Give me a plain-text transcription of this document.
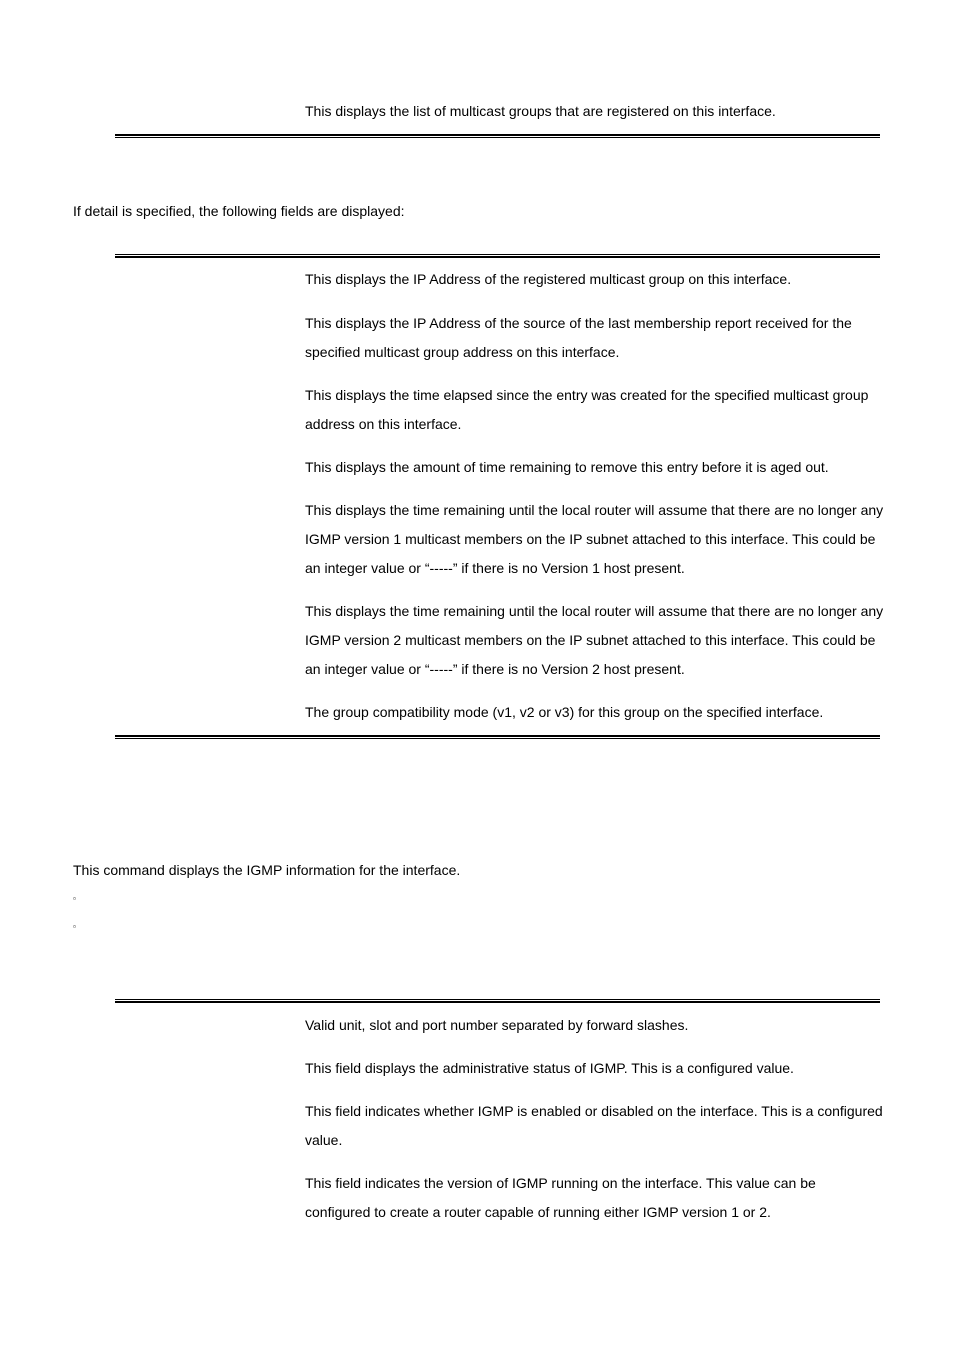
This displays the list of multicast groups that are registered on this interface.

If detail is specified, the following fields are displayed:

This displays the IP Address of the registered multicast group on this interface.

This displays the IP Address of the source of the last membership report received for the specified multicast group address on this interface.

This displays the time elapsed since the entry was created for the specified multicast group address on this interface.

This displays the amount of time remaining to remove this entry before it is aged out.

This displays the time remaining until the local router will assume that there are no longer any IGMP version 1 multicast members on the IP subnet attached to this interface. This could be an integer value or “-----” if there is no Version 1 host present.

This displays the time remaining until the local router will assume that there are no longer any IGMP version 2 multicast members on the IP subnet attached to this interface. This could be an integer value or “-----” if there is no Version 2 host present.

The group compatibility mode (v1, v2 or v3) for this group on the specified interface.

This command displays the IGMP information for the interface.

▫
▫

Valid unit, slot and port number separated by forward slashes.

This field displays the administrative status of IGMP. This is a configured value.

This field indicates whether IGMP is enabled or disabled on the interface. This is a configured value.

This field indicates the version of IGMP running on the interface. This value can be configured to create a router capable of running either IGMP version 1 or 2.
